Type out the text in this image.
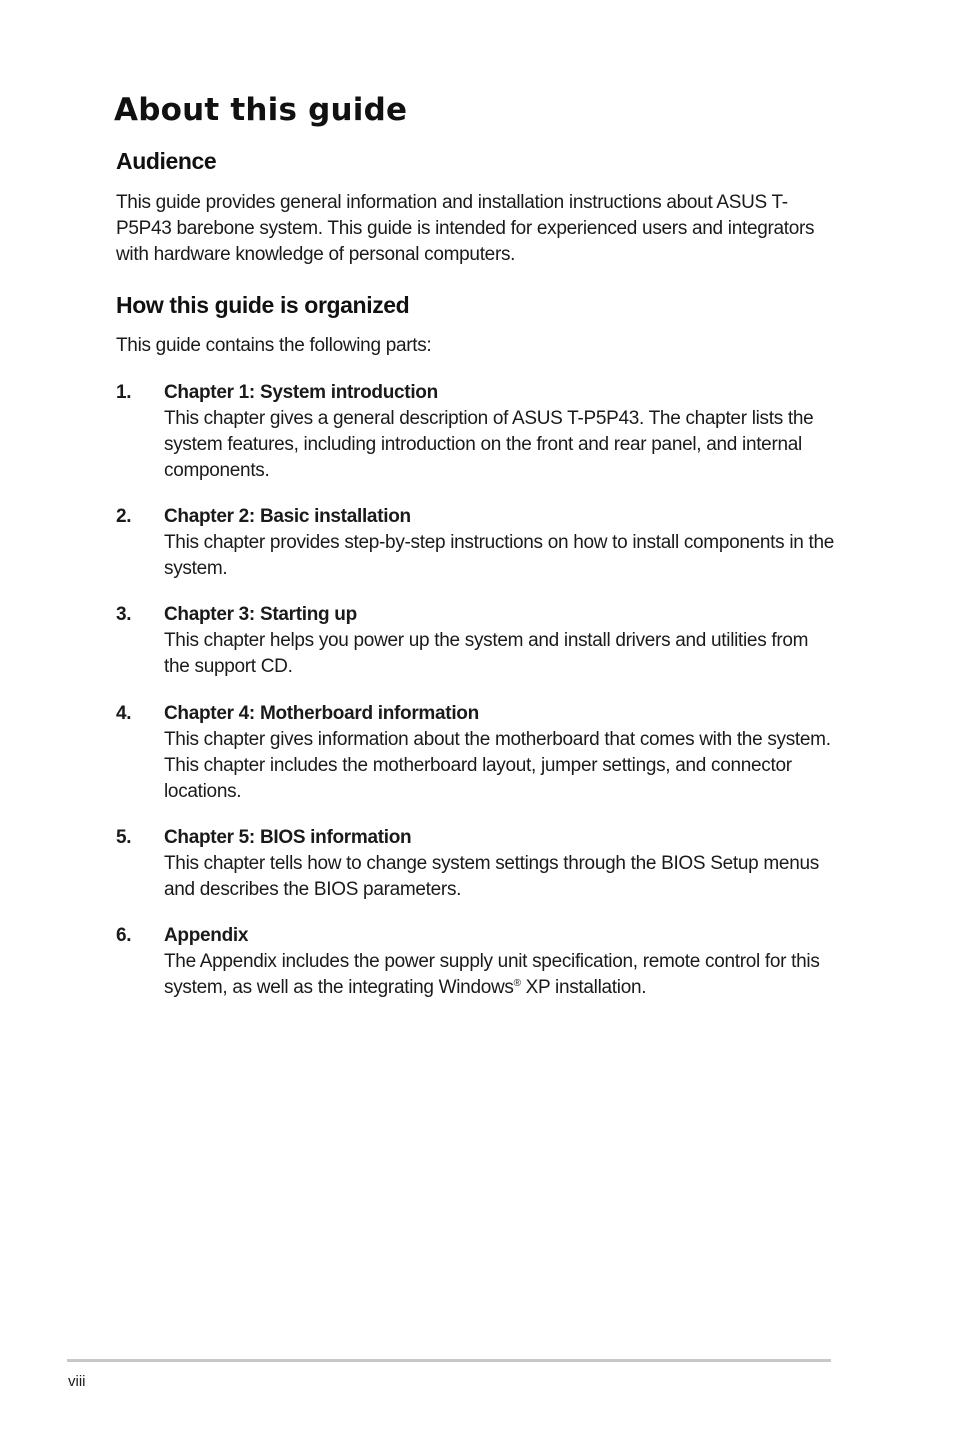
About this guide
Audience

This guide provides general information and installation instructions about ASUS T-P5P43 barebone system. This guide is intended for experienced users and integrators with hardware knowledge of personal computers.

How this guide is organized

This guide contains the following parts:

1. Chapter 1: System introduction
This chapter gives a general description of ASUS T-P5P43. The chapter lists the system features, including introduction on the front and rear panel, and internal components.
2. Chapter 2: Basic installation
This chapter provides step-by-step instructions on how to install components in the system.
3. Chapter 3: Starting up
This chapter helps you power up the system and install drivers and utilities from the support CD.
4. Chapter 4: Motherboard information
This chapter gives information about the motherboard that comes with the system. This chapter includes the motherboard layout, jumper settings, and connector locations.
5. Chapter 5: BIOS information
This chapter tells how to change system settings through the BIOS Setup menus and describes the BIOS parameters.
6. Appendix
The Appendix includes the power supply unit specification, remote control for this system, as well as the integrating Windows® XP installation.
viii
